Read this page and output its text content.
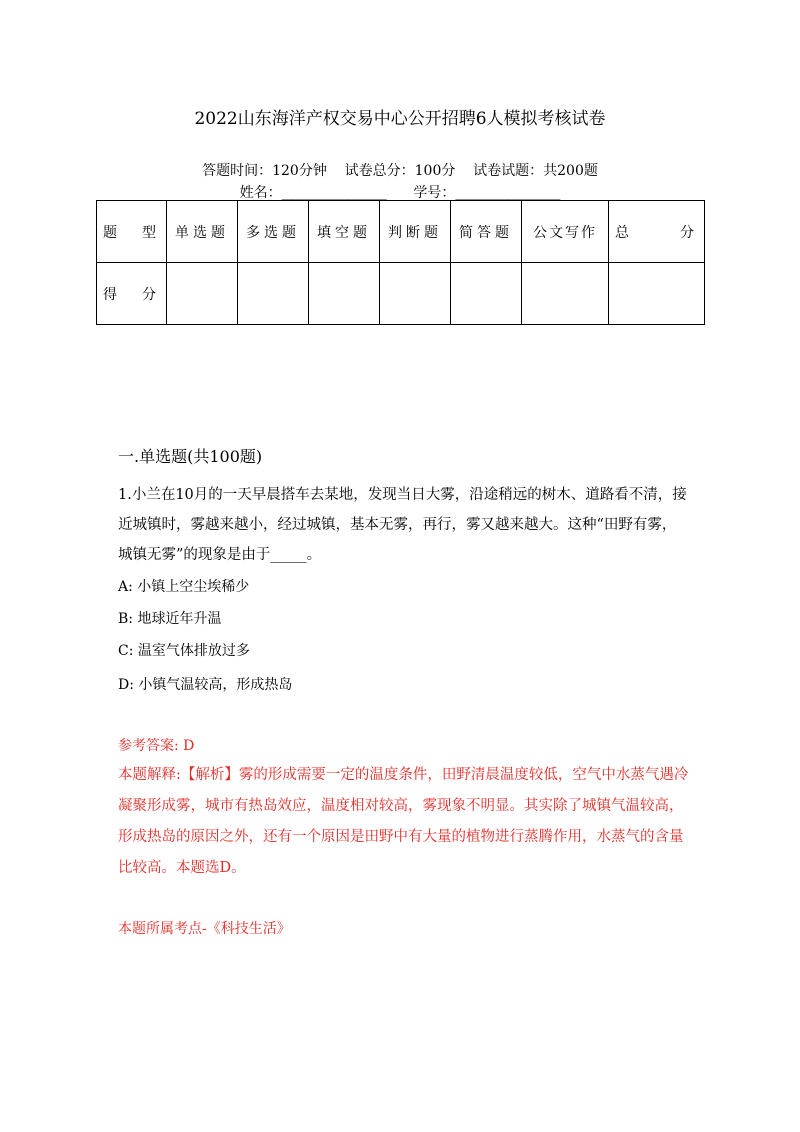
2022山东海洋产权交易中心公开招聘6人模拟考核试卷
答题时间：120分钟    试卷总分：100分    试卷试题：共200题
姓名：_______________      学号：_______________
题 型	单选题	多选题	填空题	判断题	简答题	公文写作	总 分
得 分							
一.单选题(共100题)
1.小兰在10月的一天早晨搭车去某地，发现当日大雾，沿途稍远的树木、道路看不清，接近城镇时，雾越来越小，经过城镇，基本无雾，再行，雾又越来越大。这种“田野有雾，城镇无雾”的现象是由于_____。
A: 小镇上空尘埃稀少
B: 地球近年升温
C: 温室气体排放过多
D: 小镇气温较高，形成热岛
参考答案: D
本题解释:【解析】雾的形成需要一定的温度条件，田野清晨温度较低，空气中水蒸气遇冷凝聚形成雾，城市有热岛效应，温度相对较高，雾现象不明显。其实除了城镇气温较高，形成热岛的原因之外，还有一个原因是田野中有大量的植物进行蒸腾作用，水蒸气的含量比较高。本题选D。
本题所属考点-《科技生活》
